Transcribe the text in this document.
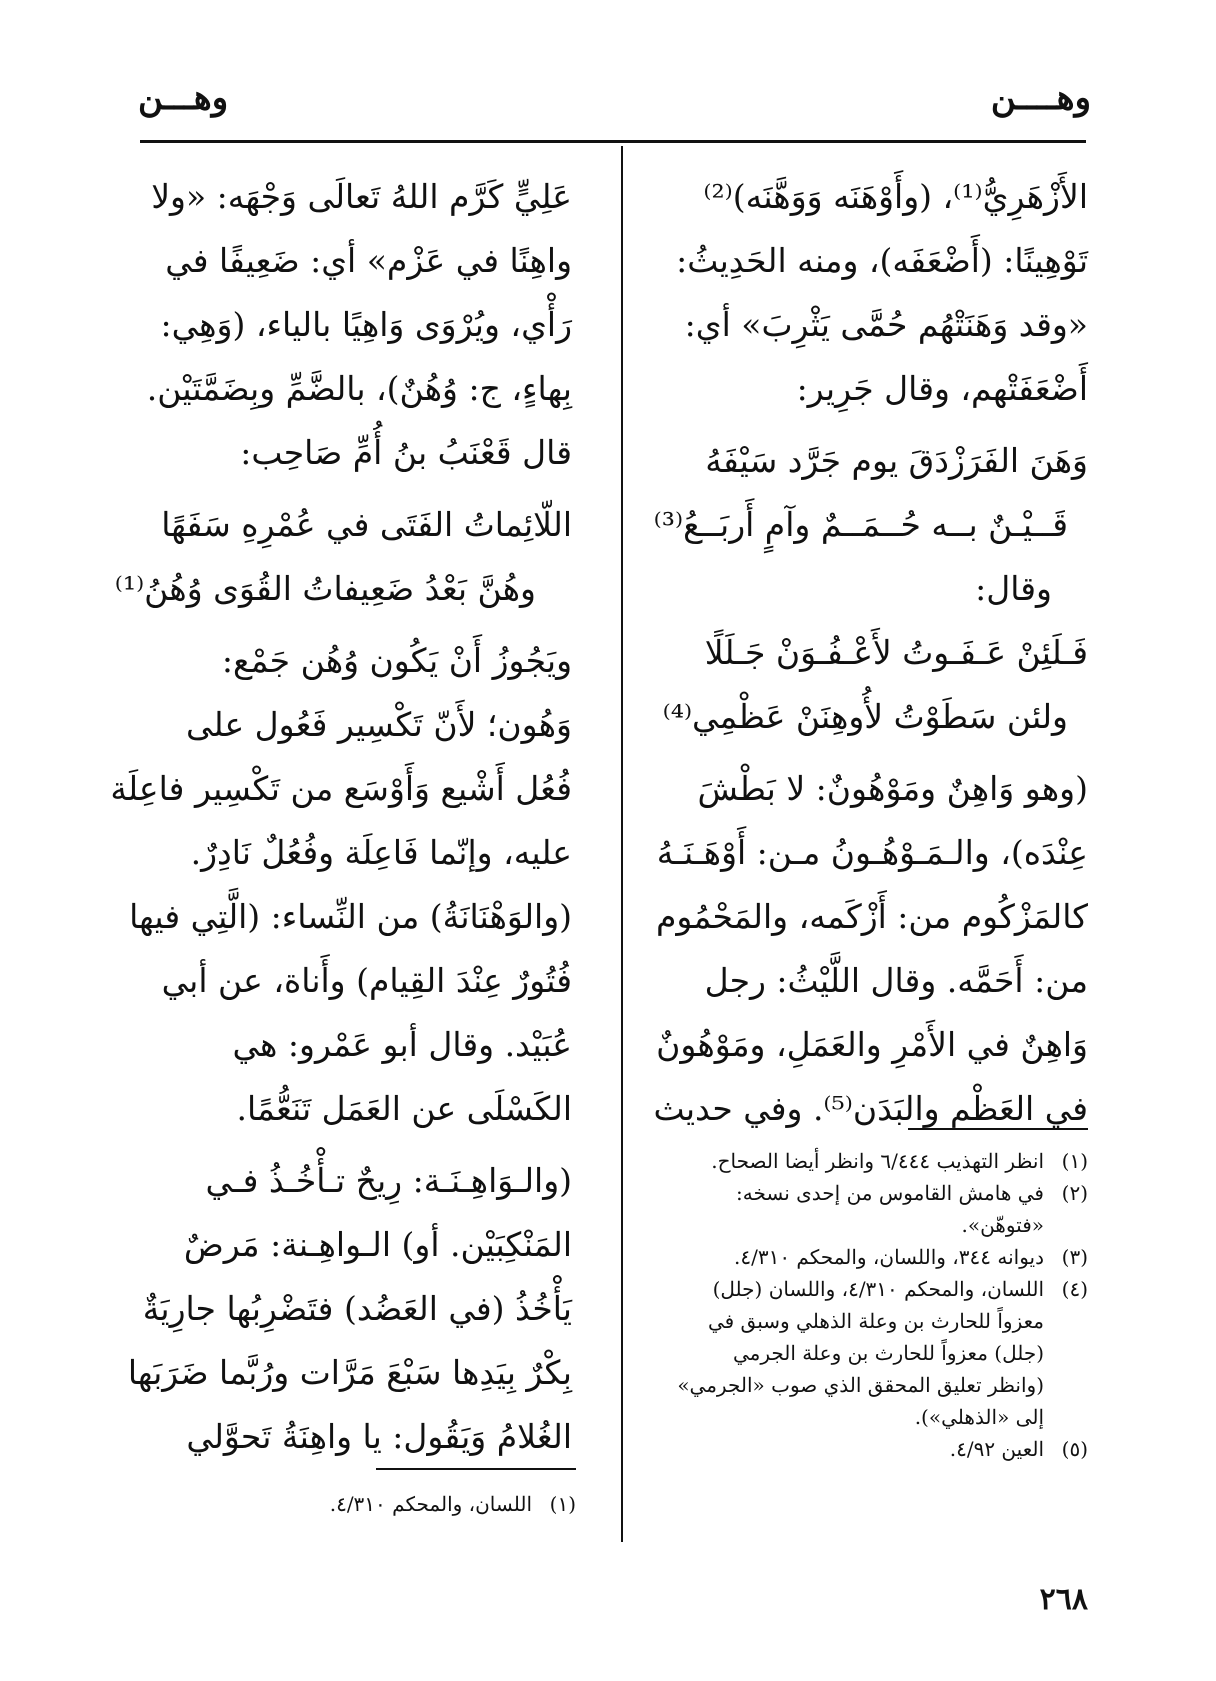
وهــــن
وهـــن
الأَزْهَرِيُّ⁽¹⁾، (وأَوْهَنَه وَوَهَّنَه)⁽²⁾
تَوْهِينًا: (أَضْعَفَه)، ومنه الحَدِيثُ:
«وقد وَهَنَتْهُم حُمَّى يَثْرِبَ» أي:
أَضْعَفَتْهم، وقال جَرِير:
وَهَنَ الفَرَزْدَقَ يوم جَرَّد سَيْفَهُ
قَــيْـنٌ بــه حُــمَــمٌ وآمٍ أَربَــعُ⁽³⁾
وقال:
فَـلَئِنْ عَـفَـوتُ لأَعْـفُـوَنْ جَـلَلًا
ولئن سَطَوْتُ لأُوهِنَنْ عَظْمِي⁽⁴⁾
(وهو وَاهِنٌ ومَوْهُونٌ: لا بَطْشَ
عِنْدَه)، والـمَـوْهُـونُ مـن: أَوْهَـنَـهُ
كالمَزْكُوم من: أَزْكَمه، والمَحْمُوم
من: أَحَمَّه. وقال اللَّيْثُ: رجل
وَاهِنٌ في الأَمْرِ والعَمَلِ، ومَوْهُونٌ
في العَظْم والبَدَن⁽⁵⁾. وفي حديث
(١)انظر التهذيب ٦/٤٤٤ وانظر أيضا الصحاح.
(٢)في هامش القاموس من إحدى نسخه:
«فتوهّن».
(٣)ديوانه ٣٤٤، واللسان، والمحكم ٤/٣١٠.
(٤)اللسان، والمحكم ٤/٣١٠، واللسان (جلل)
معزواً للحارث بن وعلة الذهلي وسبق في
(جلل) معزواً للحارث بن وعلة الجرمي
(وانظر تعليق المحقق الذي صوب «الجرمي»
إلى «الذهلي»).
(٥)العين ٤/٩٢.
عَلِيٍّ كَرَّم اللهُ تَعالَى وَجْهَه: «ولا
واهِنًا في عَزْم» أي: ضَعِيفًا في
رَأْي، ويُرْوَى وَاهِيًا بالياء، (وَهِي:
بِهاءٍ، ج: وُهُنٌ)، بالضَّمِّ وبِضَمَّتَيْن.
قال قَعْنَبُ بنُ أُمِّ صَاحِب:
اللّائِماتُ الفَتَى في عُمْرِهِ سَفَهًا
وهُنَّ بَعْدُ ضَعِيفاتُ القُوَى وُهُنُ⁽¹⁾
ويَجُوزُ أَنْ يَكُون وُهُن جَمْع:
وَهُون؛ لأَنّ تَكْسِير فَعُول على
فُعُل أَشْيع وَأَوْسَع من تَكْسِير فاعِلَة
عليه، وإنّما فَاعِلَة وفُعُلٌ نَادِرٌ.
(والوَهْنَانَةُ) من النِّساء: (الَّتِي فيها
فُتُورٌ عِنْدَ القِيام) وأَناة، عن أبي
عُبَيْد. وقال أبو عَمْرو: هي
الكَسْلَى عن العَمَل تَنَعُّمًا.
(والـوَاهِـنَـة: رِيحٌ تـأْخُـذُ فـي
المَنْكِبَيْن. أو) الـواهِـنة: مَرضٌ
يَأْخُذُ (في العَضُد) فتَضْرِبُها جارِيَةٌ
بِكْرٌ بِيَدِها سَبْعَ مَرَّات ورُبَّما ضَرَبَها
الغُلامُ وَيَقُول: يا واهِنَةُ تَحوَّلي
(١)اللسان، والمحكم ٤/٣١٠.
٢٦٨
